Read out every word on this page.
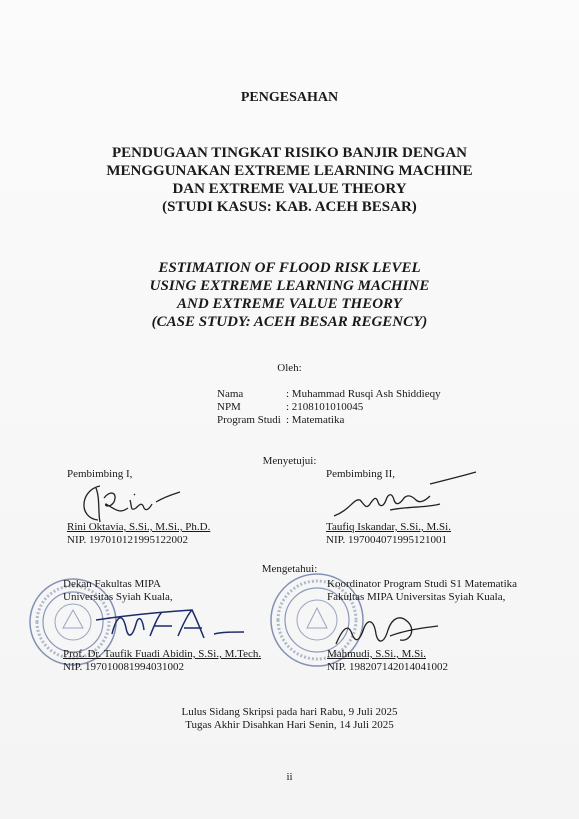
PENGESAHAN
PENDUGAAN TINGKAT RISIKO BANJIR DENGAN
MENGGUNAKAN EXTREME LEARNING MACHINE
DAN EXTREME VALUE THEORY
(STUDI KASUS: KAB. ACEH BESAR)
ESTIMATION OF FLOOD RISK LEVEL
USING EXTREME LEARNING MACHINE
AND EXTREME VALUE THEORY
(CASE STUDY: ACEH BESAR REGENCY)
Oleh:
Nama
NPM
Program Studi
: Muhammad Rusqi Ash Shiddieqy
: 2108101010045
: Matematika
Menyetujui:
Pembimbing I,
Rini Oktavia, S.Si., M.Si., Ph.D.
NIP. 197010121995122002
Pembimbing II,
Taufiq Iskandar, S.Si., M.Si.
NIP. 197004071995121001
Mengetahui:
Dekan Fakultas MIPA
Universitas Syiah Kuala,
Prof. Dr. Taufik Fuadi Abidin, S.Si., M.Tech.
NIP. 197010081994031002
Koordinator Program Studi S1 Matematika
Fakultas MIPA Universitas Syiah Kuala,
Mahmudi, S.Si., M.Si.
NIP. 198207142014041002
Lulus Sidang Skripsi pada hari Rabu, 9 Juli 2025
Tugas Akhir Disahkan Hari Senin, 14 Juli 2025
ii
